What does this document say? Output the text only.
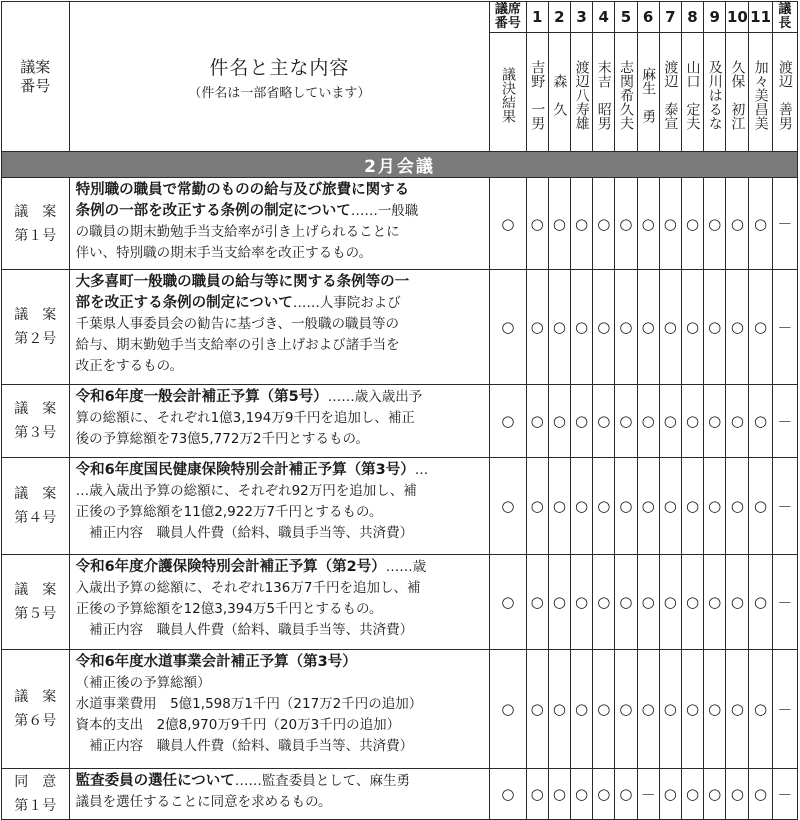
議案
番号	件名と主な内容
（件名は一部省略しています）	議席番号	1	2	3	4	5	6	7	8	9	10	11	議長

		議決結果	吉野　一男	森　久	渡辺八寿雄	末吉　昭男	志関希久夫	麻生　勇	渡辺　泰宣	山口　定夫	及川はるな	久保　初江	加々美昌美	渡辺　善男

2月会議														

議　案
第１号	特別職の職員で常勤のものの給与及び旅費に関する
条例の一部を改正する条例の制定について……一般職
の職員の期末勤勉手当支給率が引き上げられることに
伴い、特別職の期末手当支給率を改正するもの。	○	○	○	○	○	○	○	○	○	○	○	○	－

議　案
第２号	大多喜町一般職の職員の給与等に関する条例等の一
部を改正する条例の制定について……人事院および
千葉県人事委員会の勧告に基づき、一般職の職員等の
給与、期末勤勉手当支給率の引き上げおよび諸手当を
改正をするもの。	○	○	○	○	○	○	○	○	○	○	○	○	－

議　案
第３号	令和6年度一般会計補正予算（第5号）……歳入歳出予
算の総額に、それぞれ1億3,194万9千円を追加し、補正
後の予算総額を73億5,772万2千円とするもの。	○	○	○	○	○	○	○	○	○	○	○	○	－

議　案
第４号	令和6年度国民健康保険特別会計補正予算（第3号）…
…歳入歳出予算の総額に、それぞれ92万円を追加し、補
正後の予算総額を11億2,922万7千円とするもの。
　補正内容　職員人件費（給料、職員手当等、共済費）	○	○	○	○	○	○	○	○	○	○	○	○	－

議　案
第５号	令和6年度介護保険特別会計補正予算（第2号）……歳
入歳出予算の総額に、それぞれ136万7千円を追加し、補
正後の予算総額を12億3,394万5千円とするもの。
　補正内容　職員人件費（給料、職員手当等、共済費）	○	○	○	○	○	○	○	○	○	○	○	○	－

議　案
第６号	令和6年度水道事業会計補正予算（第3号）
（補正後の予算総額）
水道事業費用　5億1,598万1千円（217万2千円の追加）
資本的支出　2億8,970万9千円（20万3千円の追加）
　補正内容　職員人件費（給料、職員手当等、共済費）	○	○	○	○	○	○	○	○	○	○	○	○	－

同　意
第１号	監査委員の選任について……監査委員として、麻生勇
議員を選任することに同意を求めるもの。	○	○	○	○	○	○	－	○	○	○	○	○	－
